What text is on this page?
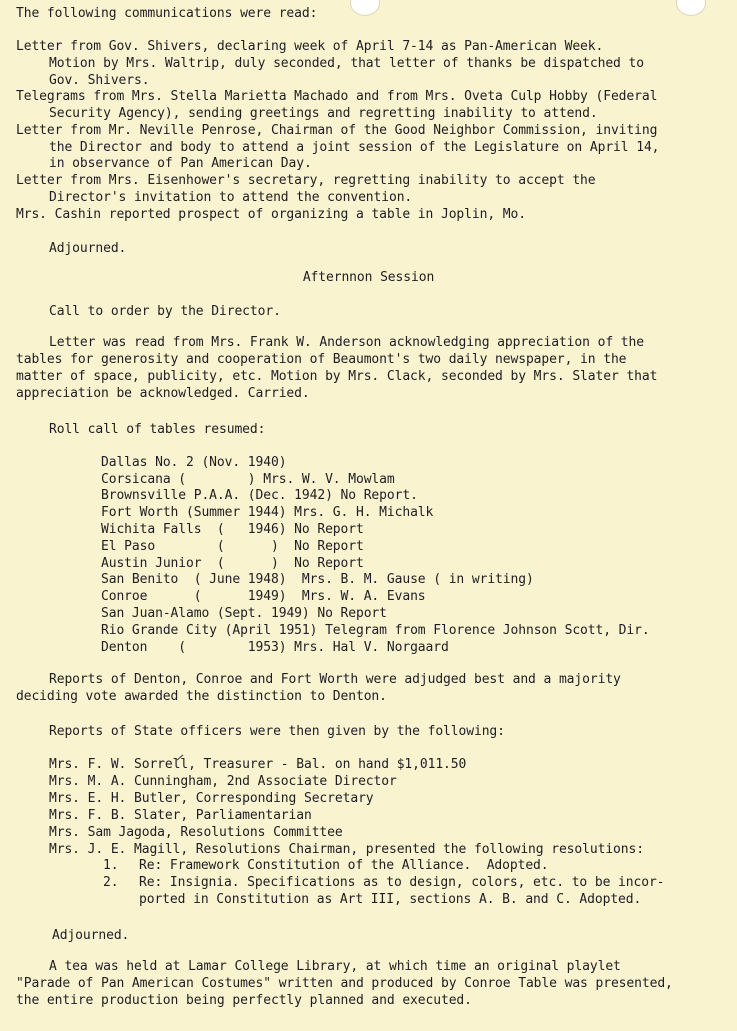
The following communications were read:
Letter from Gov. Shivers, declaring week of April 7-14 as Pan-American Week.
Motion by Mrs. Waltrip, duly seconded, that letter of thanks be dispatched to
Gov. Shivers.
Telegrams from Mrs. Stella Marietta Machado and from Mrs. Oveta Culp Hobby (Federal
Security Agency), sending greetings and regretting inability to attend.
Letter from Mr. Neville Penrose, Chairman of the Good Neighbor Commission, inviting
the Director and body to attend a joint session of the Legislature on April 14,
in observance of Pan American Day.
Letter from Mrs. Eisenhower's secretary, regretting inability to accept the
Director's invitation to attend the convention.
Mrs. Cashin reported prospect of organizing a table in Joplin, Mo.
Adjourned.
Afternnon Session
Call to order by the Director.
Letter was read from Mrs. Frank W. Anderson acknowledging appreciation of the
tables for generosity and cooperation of Beaumont's two daily newspaper, in the
matter of space, publicity, etc. Motion by Mrs. Clack, seconded by Mrs. Slater that
appreciation be acknowledged. Carried.
Roll call of tables resumed:
Dallas No. 2 (Nov. 1940)
Corsicana (        ) Mrs. W. V. Mowlam
Brownsville P.A.A. (Dec. 1942) No Report.
Fort Worth (Summer 1944) Mrs. G. H. Michalk
Wichita Falls  (   1946) No Report
El Paso        (      )  No Report
Austin Junior  (      )  No Report
San Benito  ( June 1948)  Mrs. B. M. Gause ( in writing)
Conroe      (      1949)  Mrs. W. A. Evans
San Juan-Alamo (Sept. 1949) No Report
Rio Grande City (April 1951) Telegram from Florence Johnson Scott, Dir.
Denton    (        1953) Mrs. Hal V. Norgaard
Reports of Denton, Conroe and Fort Worth were adjudged best and a majority
deciding vote awarded the distinction to Denton.
Reports of State officers were then given by the following:
Mrs. F. W. Sorrell, Treasurer - Bal. on hand $1,011.50
Mrs. M. A. Cunningham, 2nd Associate Director
Mrs. E. H. Butler, Corresponding Secretary
Mrs. F. B. Slater, Parliamentarian
Mrs. Sam Jagoda, Resolutions Committee
Mrs. J. E. Magill, Resolutions Chairman, presented the following resolutions:
1. Re: Framework Constitution of the Alliance.  Adopted.
2. Re: Insignia. Specifications as to design, colors, etc. to be incor-
ported in Constitution as Art III, sections A. B. and C. Adopted.
Adjourned.
A tea was held at Lamar College Library, at which time an original playlet
"Parade of Pan American Costumes" written and produced by Conroe Table was presented,
the entire production being perfectly planned and executed.
